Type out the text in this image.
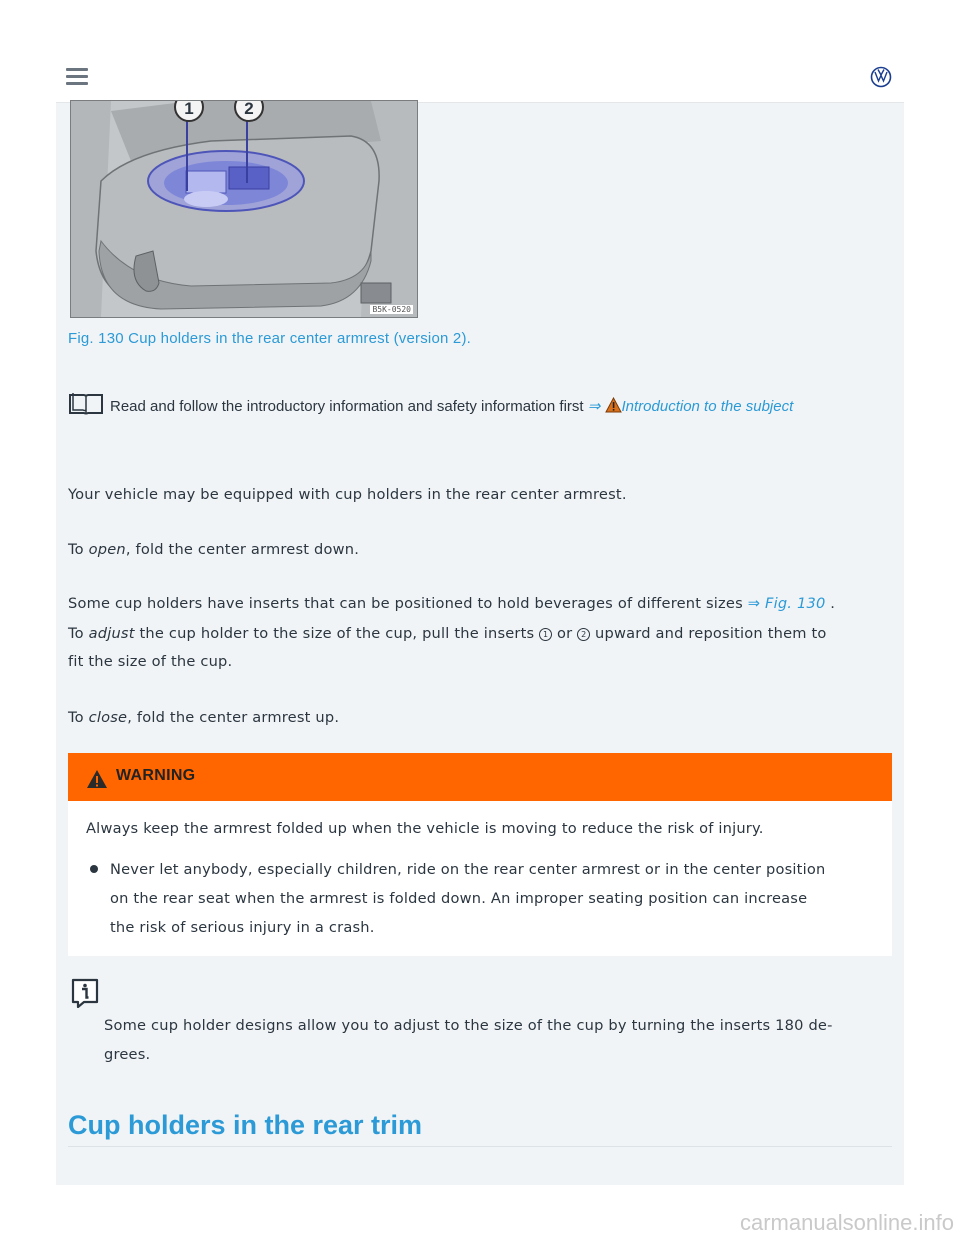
1	2
B5K-0520
Fig. 130 Cup holders in the rear center armrest (version 2).
Read and follow the introductory information and safety information first ⇒ Introduction to the subject
Your vehicle may be equipped with cup holders in the rear center armrest.
To open, fold the center armrest down.
Some cup holders have inserts that can be positioned to hold beverages of different sizes ⇒ Fig. 130 .
To adjust the cup holder to the size of the cup, pull the inserts 1 or 2 upward and reposition them to
fit the size of the cup.
To close, fold the center armrest up.
WARNING
Always keep the armrest folded up when the vehicle is moving to reduce the risk of injury.
Never let anybody, especially children, ride on the rear center armrest or in the center position
on the rear seat when the armrest is folded down. An improper seating position can increase
the risk of serious injury in a crash.
Some cup holder designs allow you to adjust to the size of the cup by turning the inserts 180 de-
grees.
Cup holders in the rear trim
carmanualsonline.info
